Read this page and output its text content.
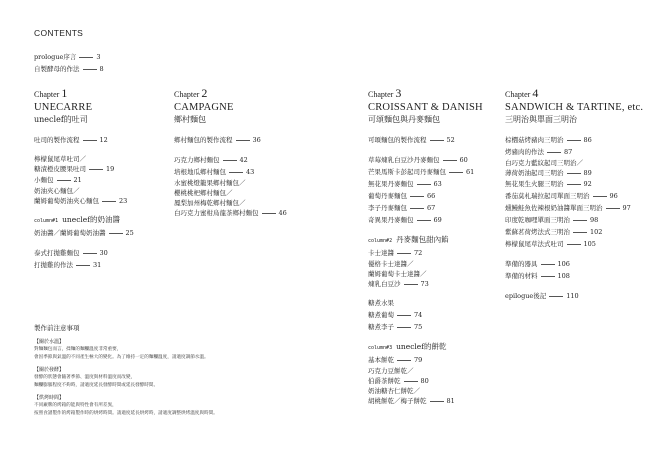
CONTENTS
prologue序言	3
自製酵母的作法	8
Chapter 1
UNECARRE
uneclef的吐司
吐司的製作流程	12
檸檬鼠尾草吐司／
糖漬橙皮腰果吐司	19
小麵包	21
奶油夾心麵包／
蘭姆葡萄奶油夾心麵包	23
column#1 uneclef的奶油醬
奶油醬／蘭姆葡萄奶油醬	25
泰式打拋雞麵包	30
打拋雞的作法	31
Chapter 2
CAMPAGNE
鄉村麵包
鄉村麵包的製作流程	36
巧克力鄉村麵包	42
培根地瓜鄉村麵包	43
水蜜桃燈籠果鄉村麵包／
櫻桃桃杷鄉村麵包／
鳳梨加州梅乾鄉村麵包／
白巧克力蜜柑烏龍茶鄉村麵包	46
Chapter 3
CROISSANT & DANISH
可頌麵包與丹麥麵包
可頌麵包的製作流程	52
草莓煉乳白豆沙丹麥麵包	60
芒果馬斯卡彭起司丹麥麵包	61
無花果丹麥麵包	63
葡萄丹麥麵包	66
李子丹麥麵包	67
奇異果丹麥麵包	69
column#2 丹麥麵包甜內餡
卡士達醬	72
優格卡士達醬／
蘭姆葡萄卡士達醬／
煉乳白豆沙	73
糖煮水果
糖煮葡萄	74
糖煮李子	75
column#3 uneclef的餅乾
基本餅乾	79
巧克力豆餅乾／
伯爵茶餅乾	80
奶油糖杏仁餅乾／
胡桃餅乾／梅子餅乾	81
Chapter 4
SANDWICH & TARTINE, etc.
三明治與單面三明治
棕櫚菇烤豬肉三明治	86
烤豬肉的作法	87
白巧克力藍紋起司三明治／
薄荷奶油起司三明治	89
無花果生火腿三明治	92
番茄莫札瑞拉起司單面三明治	96
燻鰻鮭魚佐辣根奶油醬單面三明治	97
印度乾咖哩單面三明治	98
紫蘇茗荷烤法式三明治	102
檸檬鼠尾草法式吐司	105
準備的器具	106
準備的材料	108
epilogue後記	110
製作前注意事項
【關於水溫】
對麵麵包而言，揉麵的麵糰溫度非常重要，
會因季節與氣溫的不同產生極大的變化。為了維持一定的麵糰溫度，請適度調節水溫。
【關於發酵】
發酵的狀態會隨著季節、溫度與材料溫度而改變，
麵糰膨脹程度不夠時，請適度延長發酵時間或延長發酵時間。
【烘烤時間】
不同廠牌的烤箱的能與特性會有所差異，
按照食譜製作的烤箱製作時的烘烤時間。請適度延長烘烤時，請適度調整烘烤溫度與時間。
